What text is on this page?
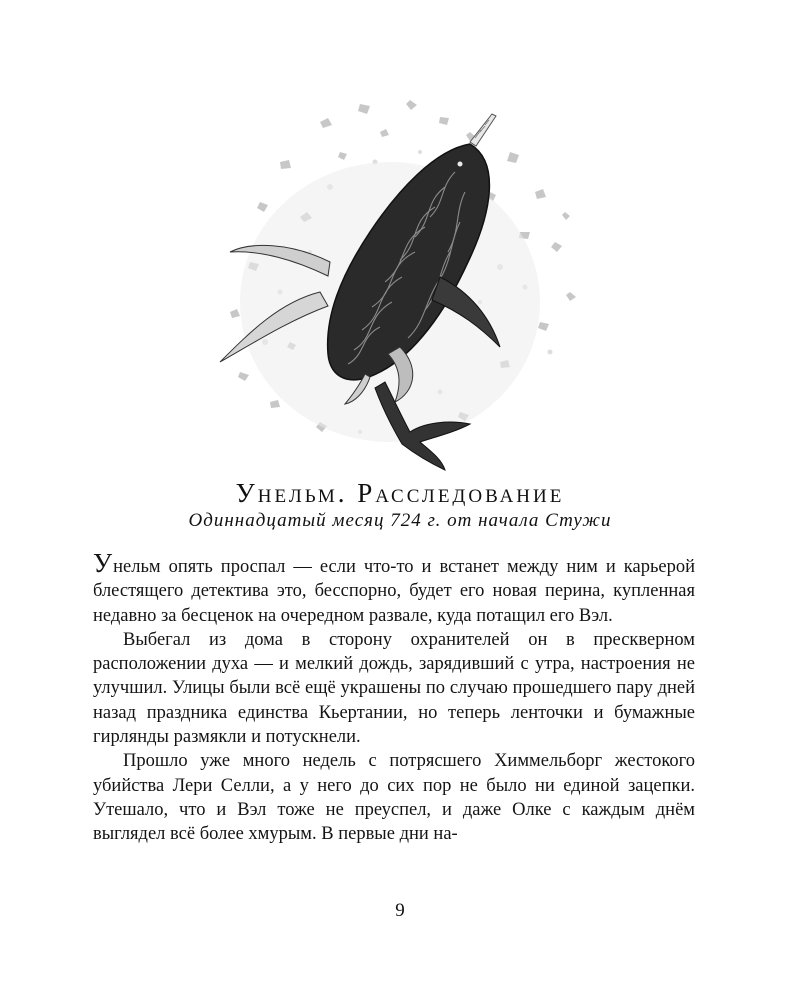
Унельм. Расследование
Одиннадцатый месяц 724 г. от начала Стужи

Унельм опять проспал — если что-то и встанет между ним и карьерой блестящего детектива это, бесспорно, будет его новая перина, купленная недавно за бесценок на очередном развале, куда потащил его Вэл.

Выбегал из дома в сторону охранителей он в прескверном расположении духа — и мелкий дождь, зарядивший с утра, настроения не улучшил. Улицы были всё ещё украшены по случаю прошедшего пару дней назад праздника единства Кьертании, но теперь ленточки и бумажные гирлянды размякли и потускнели.

Прошло уже много недель с потрясшего Химмельборг жестокого убийства Лери Селли, а у него до сих пор не было ни единой зацепки. Утешало, что и Вэл тоже не преуспел, и даже Олке с каждым днём выглядел всё более хмурым. В первые дни на-

9
